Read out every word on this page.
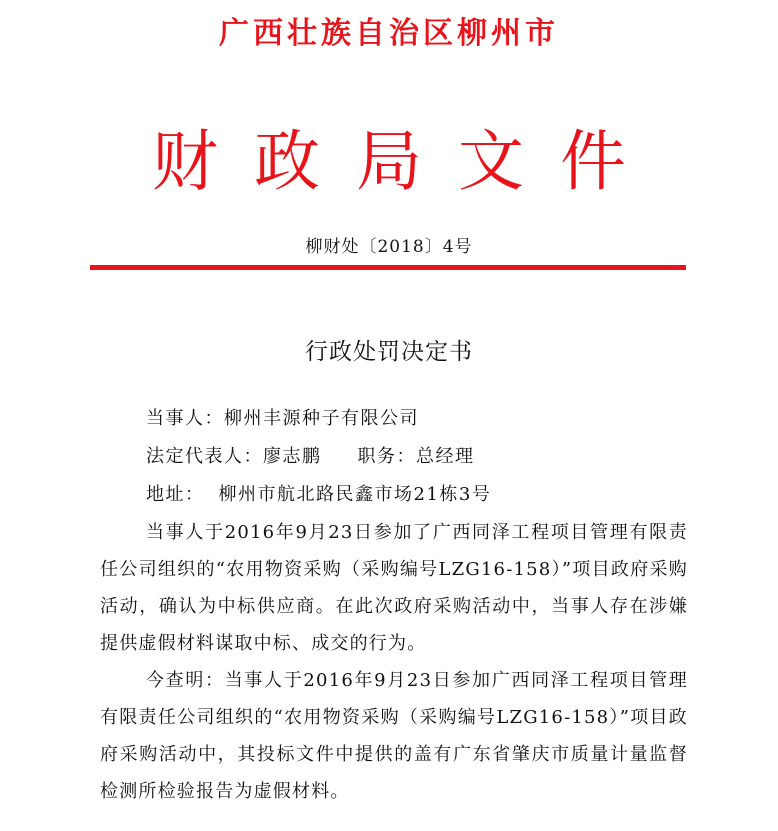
广西壮族自治区柳州市
财政局文件
柳财处〔2018〕4号
行政处罚决定书
当事人：柳州丰源种子有限公司
法定代表人：廖志鹏 职务：总经理
地址： 柳州市航北路民鑫市场21栋3号
当事人于2016年9月23日参加了广西同泽工程项目管理有限责任公司组织的“农用物资采购（采购编号LZG16-158）”项目政府采购活动，确认为中标供应商。在此次政府采购活动中，当事人存在涉嫌提供虚假材料谋取中标、成交的行为。
今查明：当事人于2016年9月23日参加广西同泽工程项目管理有限责任公司组织的“农用物资采购（采购编号LZG16-158）”项目政府采购活动中，其投标文件中提供的盖有广东省肇庆市质量计量监督检测所检验报告为虚假材料。
